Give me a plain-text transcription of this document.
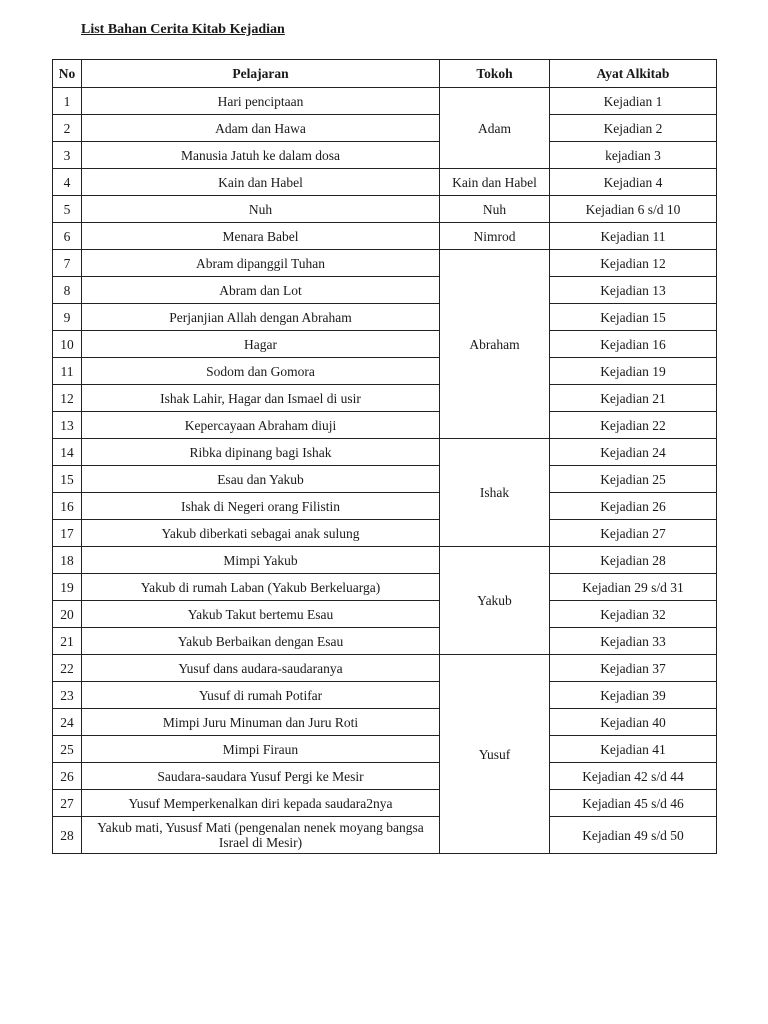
List Bahan Cerita Kitab Kejadian
No	Pelajaran	Tokoh	Ayat Alkitab
1	Hari penciptaan	Adam	Kejadian 1
2	Adam dan Hawa		Kejadian 2
3	Manusia Jatuh ke dalam dosa		kejadian 3
4	Kain dan Habel	Kain dan Habel	Kejadian 4
5	Nuh	Nuh	Kejadian 6 s/d 10
6	Menara Babel	Nimrod	Kejadian 11
7	Abram dipanggil Tuhan	Abraham	Kejadian 12
8	Abram dan Lot		Kejadian 13
9	Perjanjian Allah dengan Abraham		Kejadian 15
10	Hagar		Kejadian 16
11	Sodom dan Gomora		Kejadian 19
12	Ishak Lahir, Hagar dan Ismael di usir		Kejadian 21
13	Kepercayaan Abraham diuji		Kejadian 22
14	Ribka dipinang bagi Ishak	Ishak	Kejadian 24
15	Esau dan Yakub		Kejadian 25
16	Ishak di Negeri orang Filistin		Kejadian 26
17	Yakub diberkati sebagai anak sulung		Kejadian 27
18	Mimpi Yakub	Yakub	Kejadian 28
19	Yakub di rumah Laban (Yakub Berkeluarga)		Kejadian 29 s/d 31
20	Yakub Takut bertemu Esau		Kejadian 32
21	Yakub Berbaikan dengan Esau		Kejadian 33
22	Yusuf dans audara-saudaranya	Yusuf	Kejadian 37
23	Yusuf di rumah Potifar		Kejadian 39
24	Mimpi Juru Minuman dan Juru Roti		Kejadian 40
25	Mimpi Firaun		Kejadian 41
26	Saudara-saudara Yusuf Pergi ke Mesir		Kejadian 42 s/d 44
27	Yusuf Memperkenalkan diri kepada saudara2nya		Kejadian 45 s/d 46
28	Yakub mati, Yususf Mati (pengenalan nenek moyang bangsa Israel di Mesir)		Kejadian 49 s/d 50
